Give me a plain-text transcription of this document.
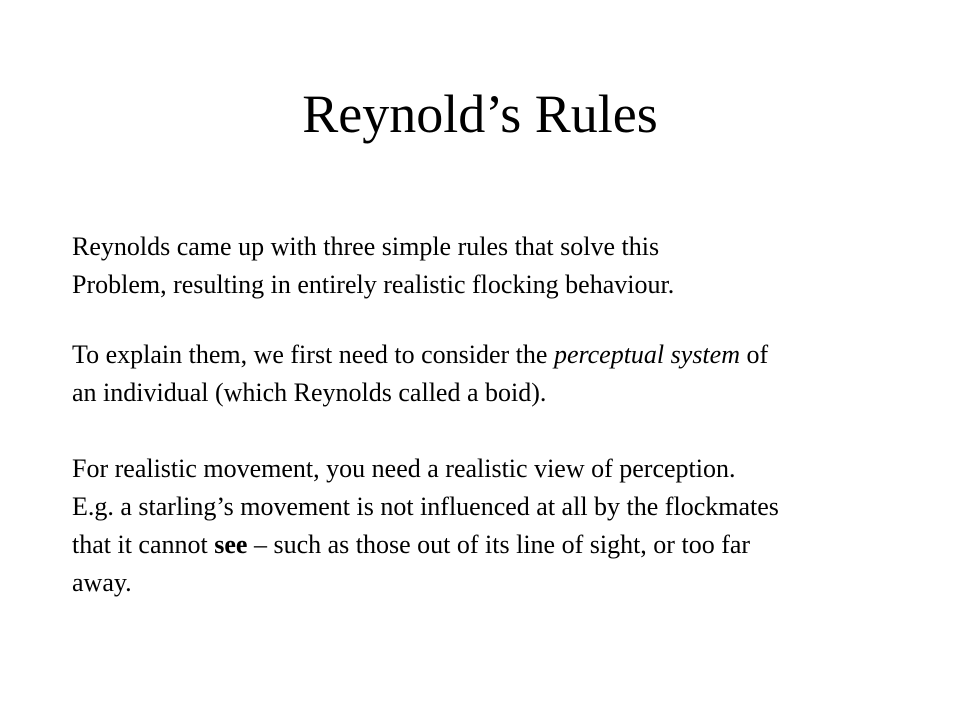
Reynold’s Rules

Reynolds came up with three simple rules that solve this
Problem, resulting in entirely realistic flocking behaviour.

To explain them, we first need to consider the perceptual system of
an individual (which Reynolds called a boid).

For realistic movement, you need a realistic view of perception.
E.g. a starling’s movement is not influenced at all by the flockmates
that it cannot see – such as those out of its line of sight, or too far
away.
